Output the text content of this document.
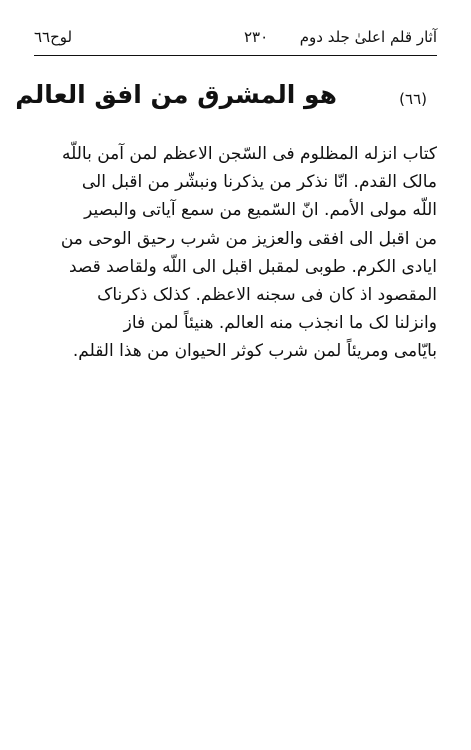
آثار قلم اعلیٰ جلد دوم
۲۳۰
لوح٦٦
(٦٦)
هو المشرق من افق العالم
كتاب انزله المظلوم فی السّجن الاعظم لمن آمن باللّه
مالک القدم. انّا نذکر من یذکرنا ونبشّر من اقبل الی
اللّه مولی الأمم. انّ السّمیع من سمع آیاتی والبصیر
من اقبل الی افقی والعزیز من شرب رحیق الوحی من
ایادی الکرم. طوبی لمقبل اقبل الی اللّه ولقاصد قصد
المقصود اذ کان فی سجنه الاعظم. کذلک ذکرناک
وانزلنا لک ما انجذب منه العالم. هنیئاً لمن فاز
بایّامی ومریئاً لمن شرب کوثر الحیوان من هذا القلم.
